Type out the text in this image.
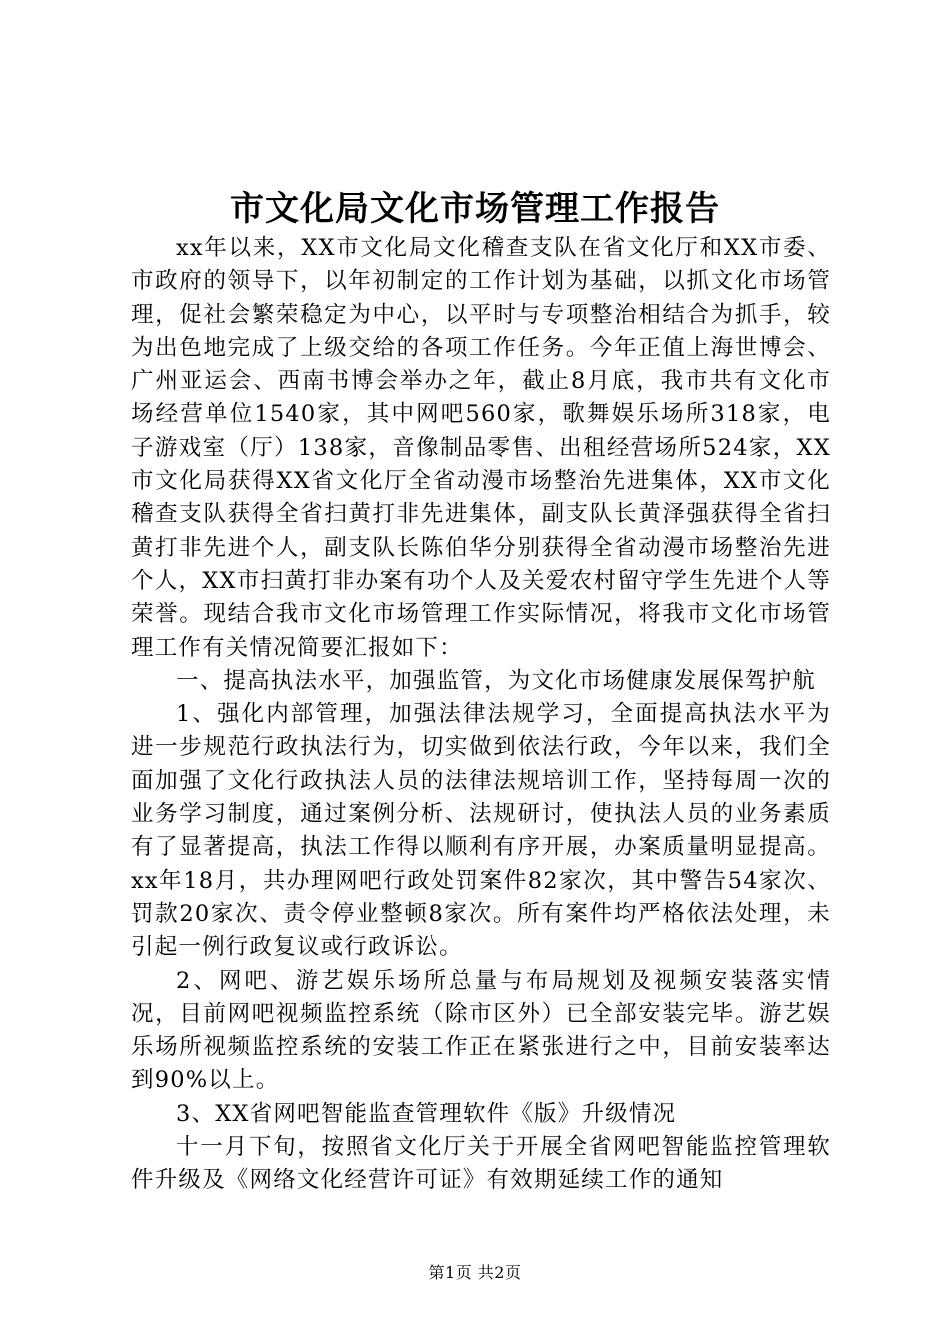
市文化局文化市场管理工作报告

xx年以来，XX市文化局文化稽查支队在省文化厅和XX市委、市政府的领导下，以年初制定的工作计划为基础，以抓文化市场管理，促社会繁荣稳定为中心，以平时与专项整治相结合为抓手，较为出色地完成了上级交给的各项工作任务。今年正值上海世博会、广州亚运会、西南书博会举办之年，截止8月底，我市共有文化市场经营单位1540家，其中网吧560家，歌舞娱乐场所318家，电子游戏室（厅）138家，音像制品零售、出租经营场所524家，XX市文化局获得XX省文化厅全省动漫市场整治先进集体，XX市文化稽查支队获得全省扫黄打非先进集体，副支队长黄泽强获得全省扫黄打非先进个人，副支队长陈伯华分别获得全省动漫市场整治先进个人，XX市扫黄打非办案有功个人及关爱农村留守学生先进个人等荣誉。现结合我市文化市场管理工作实际情况，将我市文化市场管理工作有关情况简要汇报如下：

一、提高执法水平，加强监管，为文化市场健康发展保驾护航

1、强化内部管理，加强法律法规学习，全面提高执法水平为进一步规范行政执法行为，切实做到依法行政，今年以来，我们全面加强了文化行政执法人员的法律法规培训工作，坚持每周一次的业务学习制度，通过案例分析、法规研讨，使执法人员的业务素质有了显著提高，执法工作得以顺利有序开展，办案质量明显提高。xx年18月，共办理网吧行政处罚案件82家次，其中警告54家次、罚款20家次、责令停业整顿8家次。所有案件均严格依法处理，未引起一例行政复议或行政诉讼。

2、网吧、游艺娱乐场所总量与布局规划及视频安装落实情况，目前网吧视频监控系统（除市区外）已全部安装完毕。游艺娱乐场所视频监控系统的安装工作正在紧张进行之中，目前安装率达到90%以上。

3、XX省网吧智能监查管理软件《版》升级情况

十一月下旬，按照省文化厅关于开展全省网吧智能监控管理软件升级及《网络文化经营许可证》有效期延续工作的通知

第1页 共2页
